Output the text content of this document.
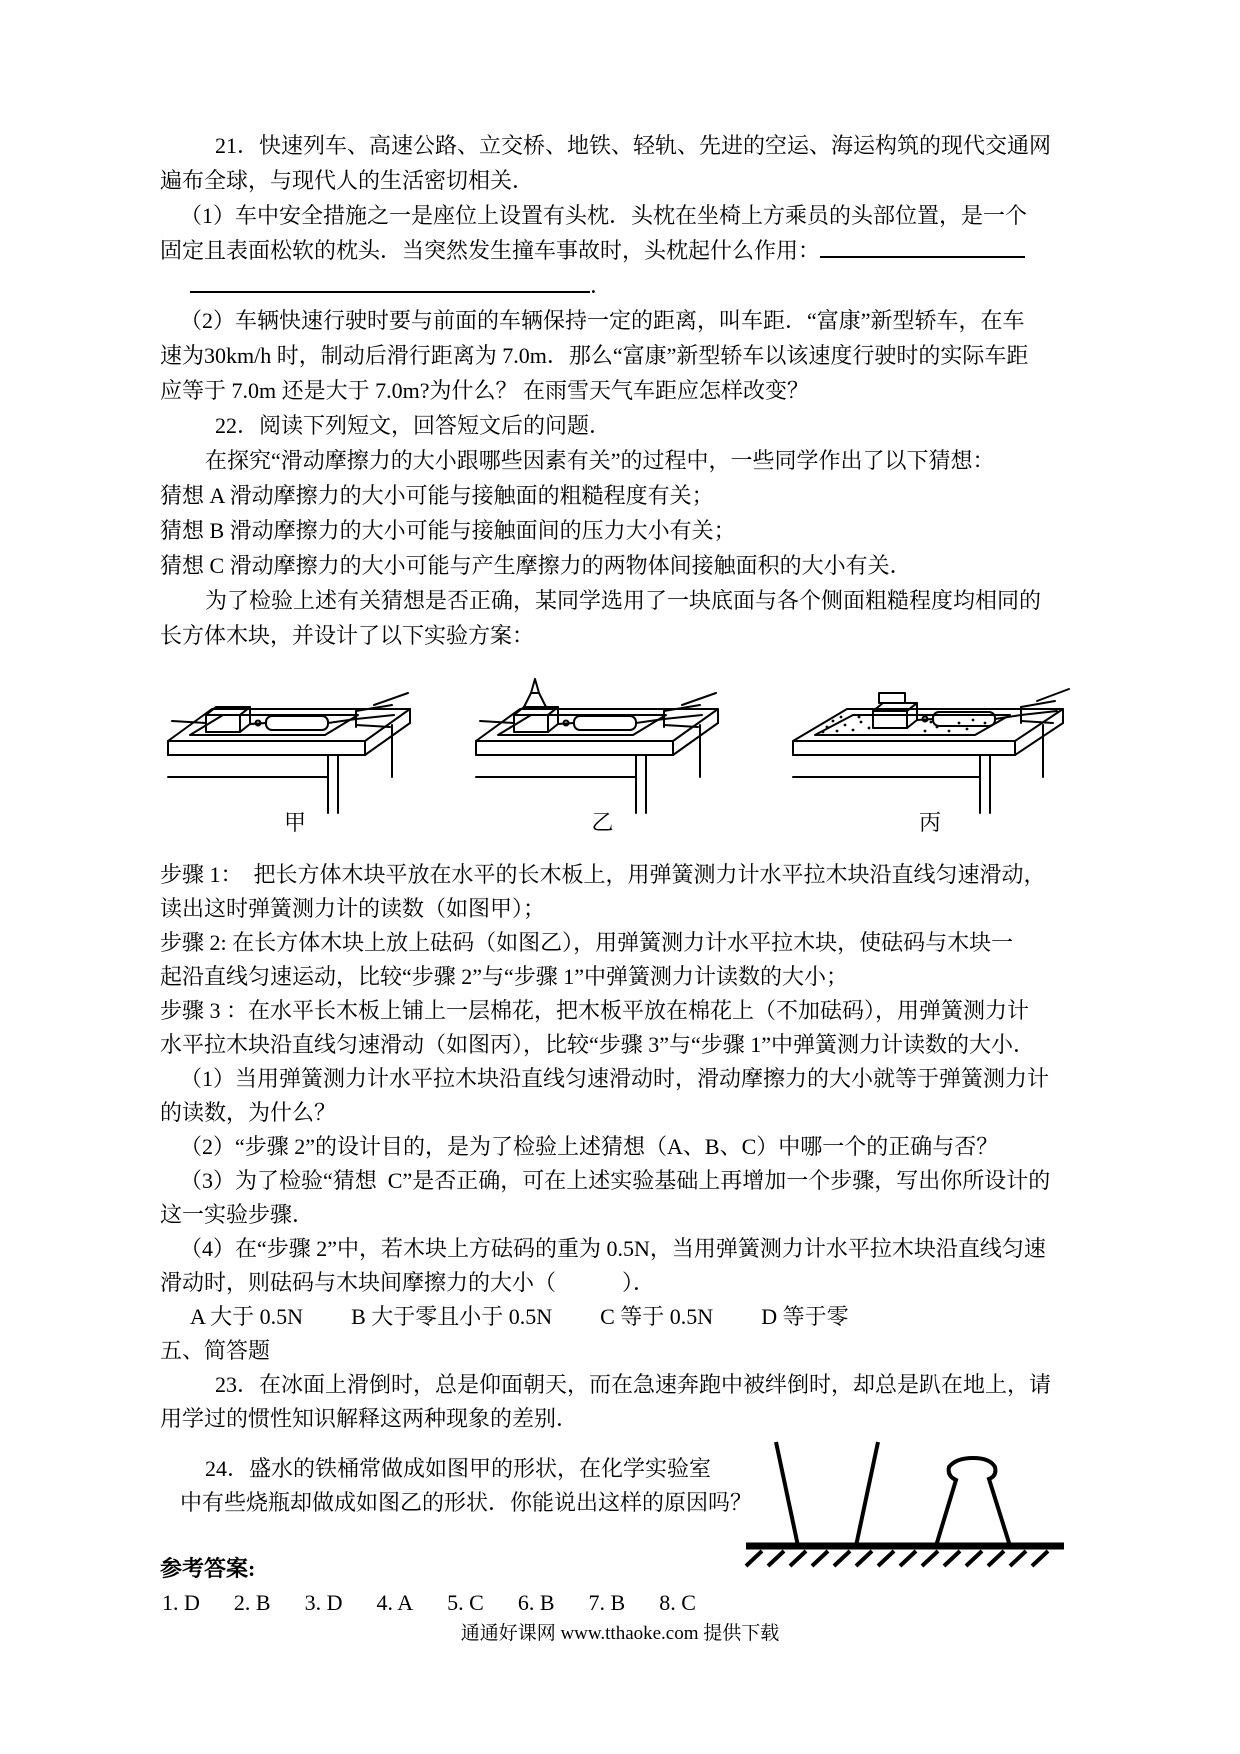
21．快速列车、高速公路、立交桥、地铁、轻轨、先进的空运、海运构筑的现代交通网
遍布全球，与现代人的生活密切相关．
（1）车中安全措施之一是座位上设置有头枕．头枕在坐椅上方乘员的头部位置，是一个
固定且表面松软的枕头．当突然发生撞车事故时，头枕起什么作用：
．
（2）车辆快速行驶时要与前面的车辆保持一定的距离，叫车距．“富康”新型轿车，在车
速为30km/h 时，制动后滑行距离为 7.0m．那么“富康”新型轿车以该速度行驶时的实际车距
应等于 7.0m 还是大于 7.0m?为什么？ 在雨雪天气车距应怎样改变？
22．阅读下列短文，回答短文后的问题．
在探究“滑动摩擦力的大小跟哪些因素有关”的过程中，一些同学作出了以下猜想：
猜想 A 滑动摩擦力的大小可能与接触面的粗糙程度有关；
猜想 B 滑动摩擦力的大小可能与接触面间的压力大小有关；
猜想 C 滑动摩擦力的大小可能与产生摩擦力的两物体间接触面积的大小有关．
为了检验上述有关猜想是否正确，某同学选用了一块底面与各个侧面粗糙程度均相同的
长方体木块，并设计了以下实验方案：
甲	乙	丙
步骤 1：　把长方体木块平放在水平的长木板上，用弹簧测力计水平拉木块沿直线匀速滑动，
读出这时弹簧测力计的读数（如图甲）；
步骤 2: 在长方体木块上放上砝码（如图乙），用弹簧测力计水平拉木块，使砝码与木块一
起沿直线匀速运动，比较“步骤 2”与“步骤 1”中弹簧测力计读数的大小；
步骤 3 ：在水平长木板上铺上一层棉花，把木板平放在棉花上（不加砝码），用弹簧测力计
水平拉木块沿直线匀速滑动（如图丙），比较“步骤 3”与“步骤 1”中弹簧测力计读数的大小．
（1）当用弹簧测力计水平拉木块沿直线匀速滑动时，滑动摩擦力的大小就等于弹簧测力计
的读数，为什么？
（2）“步骤 2”的设计目的，是为了检验上述猜想（A、B、C）中哪一个的正确与否？
（3）为了检验“猜想  C”是否正确，可在上述实验基础上再增加一个步骤，写出你所设计的
这一实验步骤．
（4）在“步骤 2”中，若木块上方砝码的重为 0.5N，当用弹簧测力计水平拉木块沿直线匀速
滑动时，则砝码与木块间摩擦力的大小（　　　）．
A 大于 0.5N B 大于零且小于 0.5N C 等于 0.5N D 等于零
五、简答题
23．在冰面上滑倒时，总是仰面朝天，而在急速奔跑中被绊倒时，却总是趴在地上，请
用学过的惯性知识解释这两种现象的差别．
24．盛水的铁桶常做成如图甲的形状，在化学实验室
中有些烧瓶却做成如图乙的形状．你能说出这样的原因吗？
参考答案:
1. D 2. B 3. D 4. A 5. C 6. B 7. B 8. C
通通好课网 www.tthaoke.com 提供下载
